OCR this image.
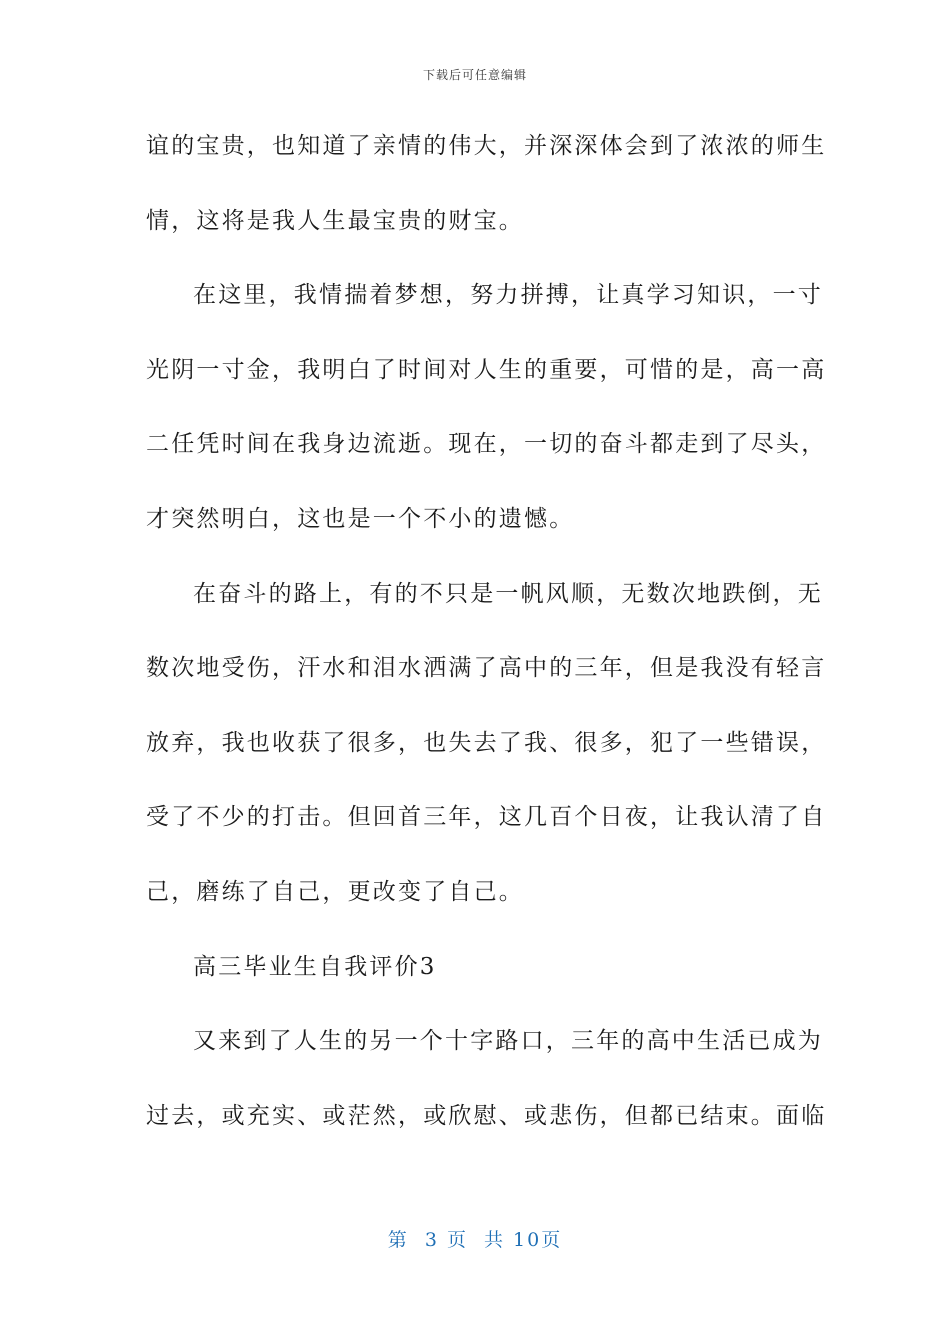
下载后可任意编辑
谊的宝贵，也知道了亲情的伟大，并深深体会到了浓浓的师生
情，这将是我人生最宝贵的财宝。
在这里，我情揣着梦想，努力拼搏，让真学习知识，一寸
光阴一寸金，我明白了时间对人生的重要，可惜的是，高一高
二任凭时间在我身边流逝。现在，一切的奋斗都走到了尽头，
才突然明白，这也是一个不小的遗憾。
在奋斗的路上，有的不只是一帆风顺，无数次地跌倒，无
数次地受伤，汗水和泪水洒满了高中的三年，但是我没有轻言
放弃，我也收获了很多，也失去了我、很多，犯了一些错误，
受了不少的打击。但回首三年，这几百个日夜，让我认清了自
己，磨练了自己，更改变了自己。
高三毕业生自我评价3
又来到了人生的另一个十字路口，三年的高中生活已成为
过去，或充实、或茫然，或欣慰、或悲伤，但都已结束。面临
第  3 页  共 10页
